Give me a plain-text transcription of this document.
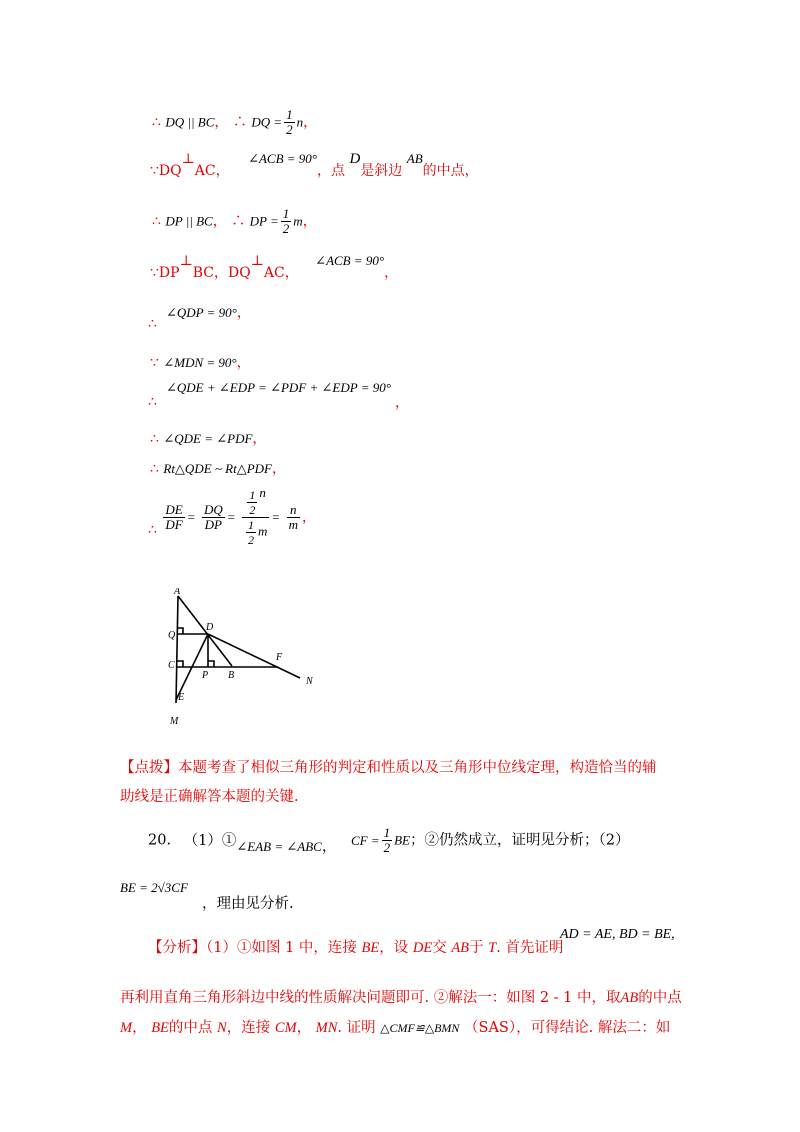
∴ DQ || BC， ∴ DQ = $\frac{1}{2}$ n，
∵DQ⊥AC， ∠ACB = 90°，点 D是斜边 AB的中点，
∴ DP || BC， ∴ DP = $\frac{1}{2}$ m，
∵DP⊥BC，DQ⊥AC， ∠ACB = 90°，
∠QDP = 90°，
∴
∵ ∠MDN = 90°，
∠QDE + ∠EDP = ∠PDF + ∠EDP = 90°
，
∴
∴ ∠QDE = ∠PDF，
∴ Rt△QDE ~ Rt△PDF，
∴ $\frac{DE}{DF} = \frac{DQ}{DP} = \frac{\frac{1}{2} n}{\frac{1}{2} m} = \frac{n}{m}$ ，
A
Q
D
C
P B
F
N
E
M
【点拨】本题考查了相似三角形的判定和性质以及三角形中位线定理，构造恰当的辅
助线是正确解答本题的关键.
20. （1）①∠EAB = ∠ABC， CF = $\frac{1}{2}$ BE；②仍然成立，证明见分析；（2）
BE = 2√3CF
，理由见分析.
【分析】（1）①如图 1 中，连接 BE，设 DE交 AB于 T. 首先证明
AD = AE, BD = BE,
再利用直角三角形斜边中线的性质解决问题即可. ②解法一：如图 2 - 1 中，取AB的中点
M， BE的中点 N，连接 CM， MN. 证明 △CMF≌△BMN （SAS），可得结论. 解法二：如
